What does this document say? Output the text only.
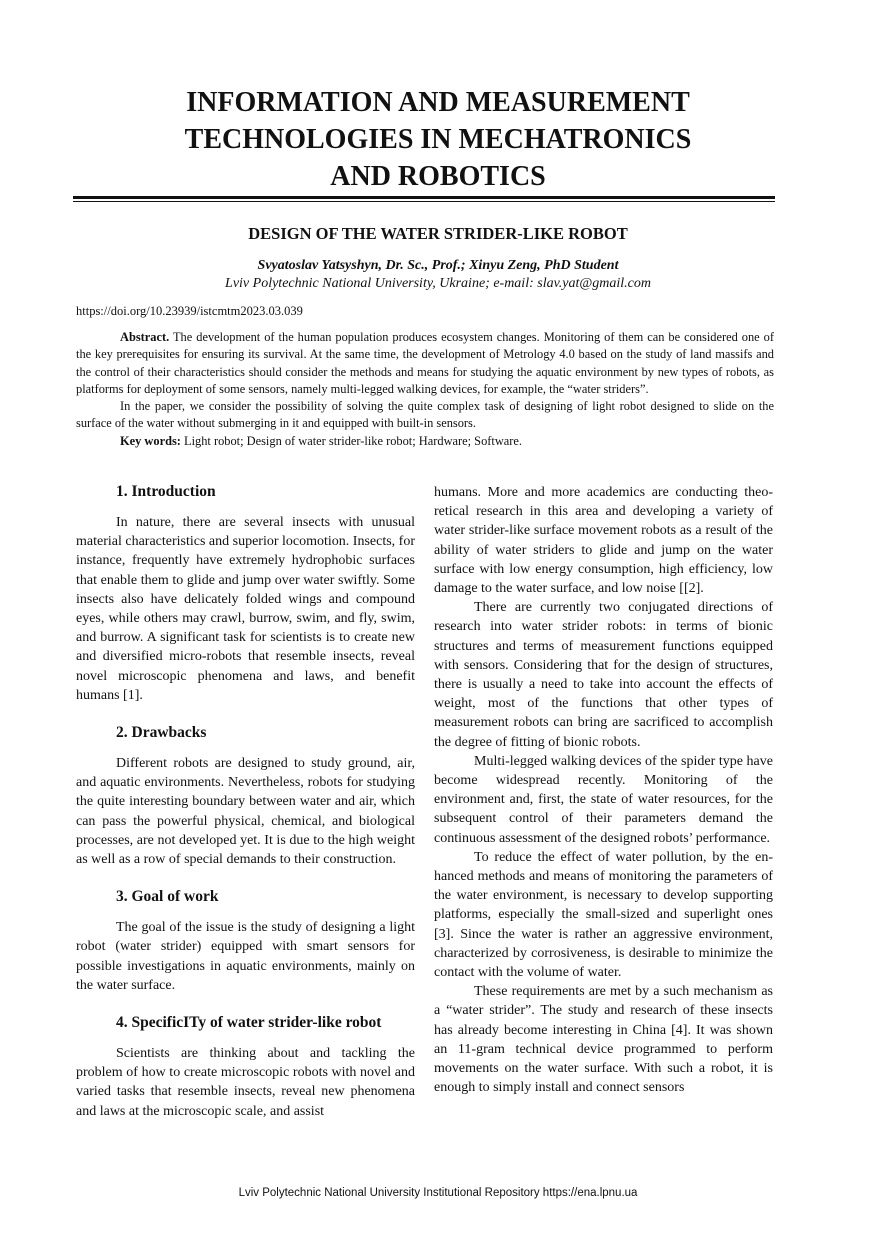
INFORMATION AND MEASUREMENT
TECHNOLOGIES IN MECHATRONICS
AND ROBOTICS
DESIGN OF THE WATER STRIDER-LIKE ROBOT
Svyatoslav Yatsyshyn, Dr. Sc., Prof.; Xinyu Zeng, PhD Student
Lviv Polytechnic National University, Ukraine; e-mail: slav.yat@gmail.com
https://doi.org/10.23939/istcmtm2023.03.039

Abstract. The development of the human population produces ecosystem changes. Monitoring of them can be considered one of the key prerequisites for ensuring its survival. At the same time, the development of Metrology 4.0 based on the study of land massifs and the control of their characteristics should consider the methods and means for studying the aquatic environment by new types of robots, as platforms for deployment of some sensors, namely multi-legged walking devices, for example, the “water striders”.

In the paper, we consider the possibility of solving the quite complex task of designing of light robot designed to slide on the surface of the water without submerging in it and equipped with built-in sensors.

Key words: Light robot; Design of water strider-like robot; Hardware; Software.

1. Introduction

In nature, there are several insects with unusual material characteristics and superior locomotion. Insects, for instance, frequently have extremely hydrophobic surfaces that enable them to glide and jump over water swiftly. Some insects also have delicately folded wings and compound eyes, while others may crawl, burrow, swim, and fly, swim, and burrow. A significant task for scientists is to create new and diversified micro-robots that resemble insects, reveal novel microscopic phenomena and laws, and benefit humans [1].

2. Drawbacks

Different robots are designed to study ground, air, and aquatic environments. Nevertheless, robots for studying the quite interesting boundary between water and air, which can pass the powerful physical, chemical, and biological processes, are not developed yet. It is due to the high weight as well as a row of special demands to their construction.

3. Goal of work

The goal of the issue is the study of designing a light robot (water strider) equipped with smart sensors for possible investigations in aquatic environments, mainly on the water surface.

4. SpecificITy of water strider-like robot

Scientists are thinking about and tackling the problem of how to create microscopic robots with novel and varied tasks that resemble insects, reveal new phenomena and laws at the microscopic scale, and assist

humans. More and more academics are conducting theoretical research in this area and developing a variety of water strider-like surface movement robots as a result of the ability of water striders to glide and jump on the water surface with low energy consumption, high efficiency, low damage to the water surface, and low noise [[2].

There are currently two conjugated directions of research into water strider robots: in terms of bionic structures and terms of measurement functions equipped with sensors. Considering that for the design of structures, there is usually a need to take into account the effects of weight, most of the functions that other types of measurement robots can bring are sacrificed to accomplish the degree of fitting of bionic robots.

Multi-legged walking devices of the spider type have become widespread recently. Monitoring of the environment and, first, the state of water resources, for the subsequent control of their parameters demand the continuous assessment of the designed robots’ performance.

To reduce the effect of water pollution, by the enhanced methods and means of monitoring the parameters of the water environment, is necessary to develop supporting platforms, especially the small-sized and superlight ones [3]. Since the water is rather an aggressive environment, characterized by corrosiveness, is desirable to minimize the contact with the volume of water.

These requirements are met by a such mechanism as a “water strider”. The study and research of these insects has already become interesting in China [4]. It was shown an 11-gram technical device programmed to perform movements on the water surface. With such a robot, it is enough to simply install and connect sensors

Lviv Polytechnic National University Institutional Repository https://ena.lpnu.ua
